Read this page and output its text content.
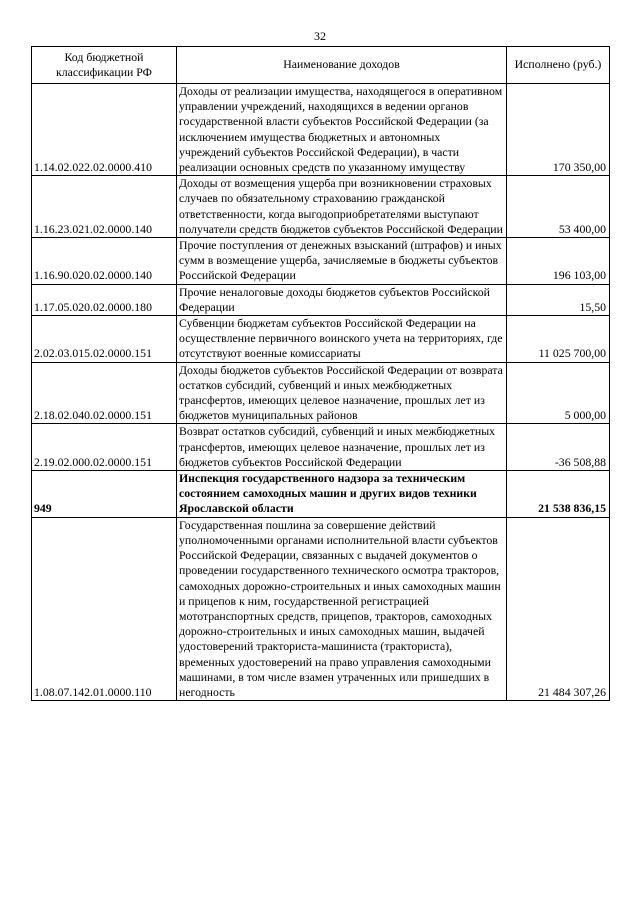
32
Код бюджетной классификации РФ	Наименование доходов	Исполнено (руб.)
1.14.02.022.02.0000.410	Доходы от реализации имущества, находящегося в оперативном управлении учреждений, находящихся в ведении органов государственной власти субъектов Российской Федерации (за исключением имущества бюджетных и автономных учреждений субъектов Российской Федерации), в части реализации основных средств по указанному имуществу	170 350,00
1.16.23.021.02.0000.140	Доходы от возмещения ущерба при возникновении страховых случаев по обязательному страхованию гражданской ответственности, когда выгодоприобретателями выступают получатели средств бюджетов субъектов Российской Федерации	53 400,00
1.16.90.020.02.0000.140	Прочие поступления от денежных взысканий (штрафов) и иных сумм в возмещение ущерба, зачисляемые в бюджеты субъектов Российской Федерации	196 103,00
1.17.05.020.02.0000.180	Прочие неналоговые доходы бюджетов субъектов Российской Федерации	15,50
2.02.03.015.02.0000.151	Субвенции бюджетам субъектов Российской Федерации на осуществление первичного воинского учета на территориях, где отсутствуют военные комиссариаты	11 025 700,00
2.18.02.040.02.0000.151	Доходы бюджетов субъектов Российской Федерации от возврата остатков субсидий, субвенций и иных межбюджетных трансфертов, имеющих целевое назначение, прошлых лет из бюджетов муниципальных районов	5 000,00
2.19.02.000.02.0000.151	Возврат остатков субсидий, субвенций и иных межбюджетных трансфертов, имеющих целевое назначение, прошлых лет из бюджетов субъектов Российской Федерации	-36 508,88
949	Инспекция государственного надзора за техническим состоянием самоходных машин и других видов техники Ярославской области	21 538 836,15
1.08.07.142.01.0000.110	Государственная пошлина за совершение действий уполномоченными органами исполнительной власти субъектов Российской Федерации, связанных с выдачей документов о проведении государственного технического осмотра тракторов, самоходных дорожно-строительных и иных самоходных машин и прицепов к ним, государственной регистрацией мототранспортных средств, прицепов, тракторов, самоходных дорожно-строительных и иных самоходных машин, выдачей удостоверений тракториста-машиниста (тракториста), временных удостоверений на право управления самоходными машинами, в том числе взамен утраченных или пришедших в негодность	21 484 307,26
